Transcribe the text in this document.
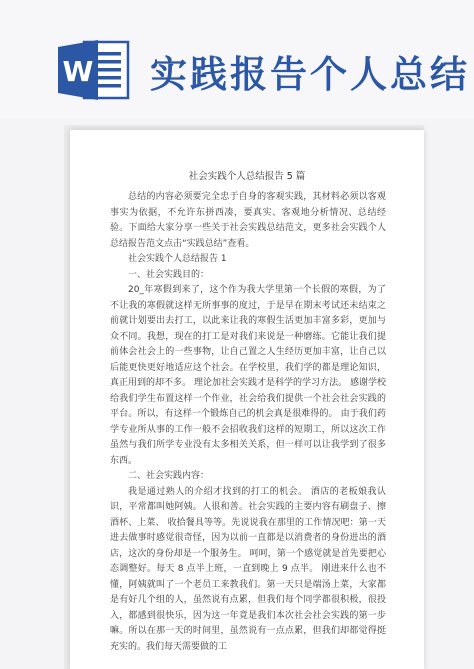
W 实践报告个人总结
社会实践个人总结报告 5 篇

总结的内容必须要完全忠于自身的客观实践，其材料必须以客观事实为依据，不允许东拼西凑，要真实、客观地分析情况、总结经验。下面给大家分享一些关于社会实践总结范文，更多社会实践个人总结报告范文点击“实践总结”查看。

社会实践个人总结报告 1

一、社会实践目的：

20_年寒假到来了，这个作为我大学里第一个长假的寒假，为了不让我的寒假就这样无所事事的度过，于是早在期末考试还未结束之前就计划要出去打工，以此来让我的寒假生活更加丰富多彩，更加与众不同。我想，现在的打工是对我们来说是一种磨练。它能让我们提前体会社会上的一些事物，让自己置之人生经历更加丰富，让自己以后能更快更好地适应这个社会。在学校里，我们学的都是理论知识，真正用到的却不多。 理论加社会实践才是科学的学习方法。 感谢学校给我们学生布置这样一个作业，社会给我们提供一个社会社会实践的平台。所以，有这样一个锻炼自己的机会真是很难得的。 由于我们药学专业所从事的工作一般不会招收我们这样的短期工，所以这次工作虽然与我们所学专业没有太多相关关系，但一样可以让我学到了很多东西。

二、社会实践内容：

我是通过熟人的介绍才找到的打工的机会。 酒店的老板娘我认识，平常都叫她阿姨。人很和善。社会实践的主要内容有刷盘子、擦酒杯、上菜、 收拾餐具等等。先说说我在那里的工作情况吧：第一天进去做事时感觉很奇怪，因为以前一直都是以消费者的身份进出的酒店，这次的身份却是一个服务生。 呵呵，第一个感觉就是首先要把心态调整好。每天 8 点半上班，一直到晚上 9 点半。 刚进来什么也不懂，阿姨就叫了一个老员工来教我们。第一天只是端汤上菜，大家都是有好几个组的人，虽然说有点累，但我们每个同学都很积极，很投入，都感到很快乐，因为这一年竟是我们本次社会社会实践的第一步嘛。所以在那一天的时间里，虽然说有一点点累，但我们却都觉得挺充实的。我们每天需要做的工
